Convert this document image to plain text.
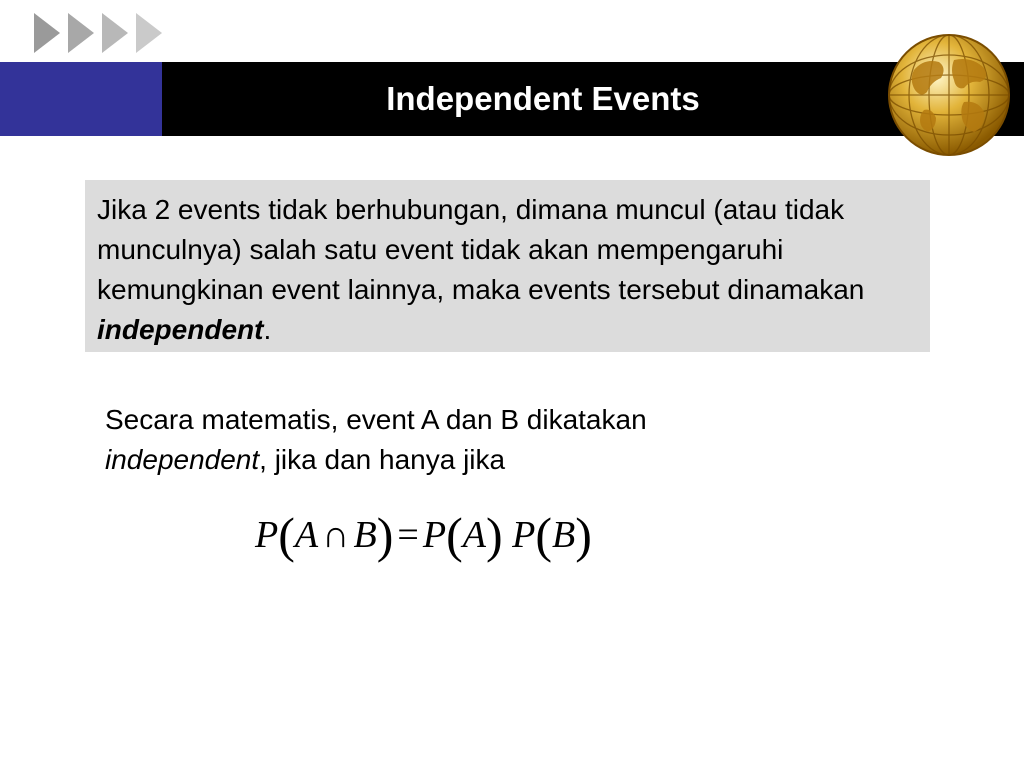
Independent Events
Jika 2 events tidak berhubungan, dimana muncul (atau tidak munculnya) salah satu event tidak akan mempengaruhi kemungkinan event lainnya, maka events tersebut dinamakan independent.
Secara matematis, event A dan B dikatakan
independent, jika dan hanya jika
P ( A ∩ B ) = P ( A )
P ( B )
